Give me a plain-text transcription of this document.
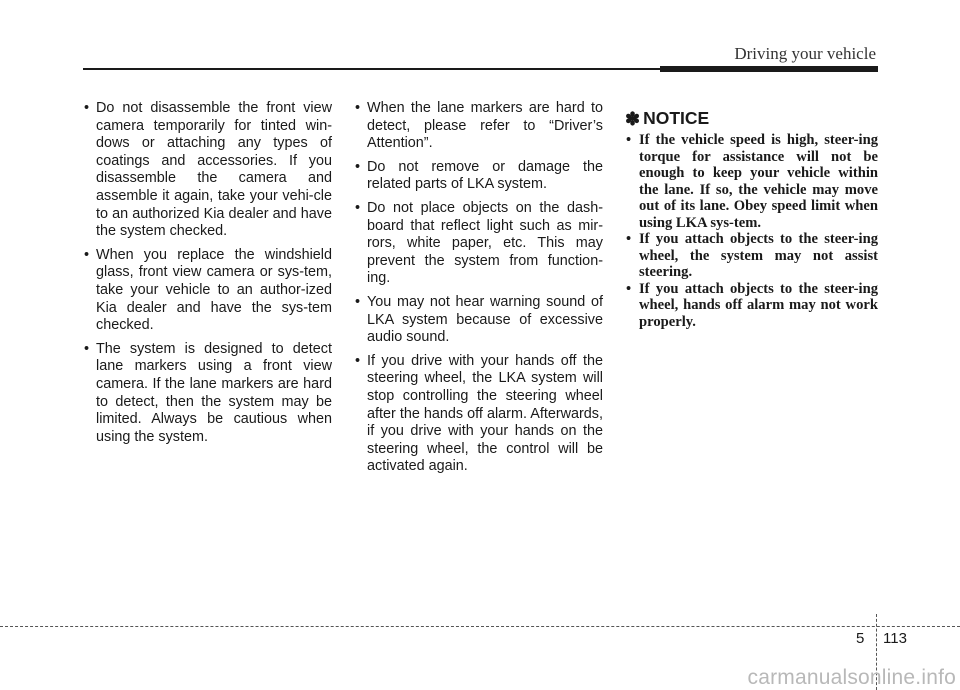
Driving your vehicle
• Do not disassemble the front view camera temporarily for tinted win-dows or attaching any types of coatings and accessories. If you disassemble the camera and assemble it again, take your vehi-cle to an authorized Kia dealer and have the system checked.
• When you replace the windshield glass, front view camera or sys-tem, take your vehicle to an author-ized Kia dealer and have the sys-tem checked.
• The system is designed to detect lane markers using a front view camera. If the lane markers are hard to detect, then the system may be limited. Always be cautious when using the system.
• When the lane markers are hard to detect, please refer to “Driver’s Attention”.
• Do not remove or damage the related parts of LKA system.
• Do not place objects on the dash-board that reflect light such as mir-rors, white paper, etc. This may prevent the system from function-ing.
• You may not hear warning sound of LKA system because of excessive audio sound.
• If you drive with your hands off the steering wheel, the LKA system will stop controlling the steering wheel after the hands off alarm. Afterwards, if you drive with your hands on the steering wheel, the control will be activated again.
✽ NOTICE
• If the vehicle speed is high, steer-ing torque for assistance will not be enough to keep your vehicle within the lane. If so, the vehicle may move out of its lane. Obey speed limit when using LKA sys-tem.
• If you attach objects to the steer-ing wheel, the system may not assist steering.
• If you attach objects to the steer-ing wheel, hands off alarm may not work properly.
5 113
carmanualsonline.info
